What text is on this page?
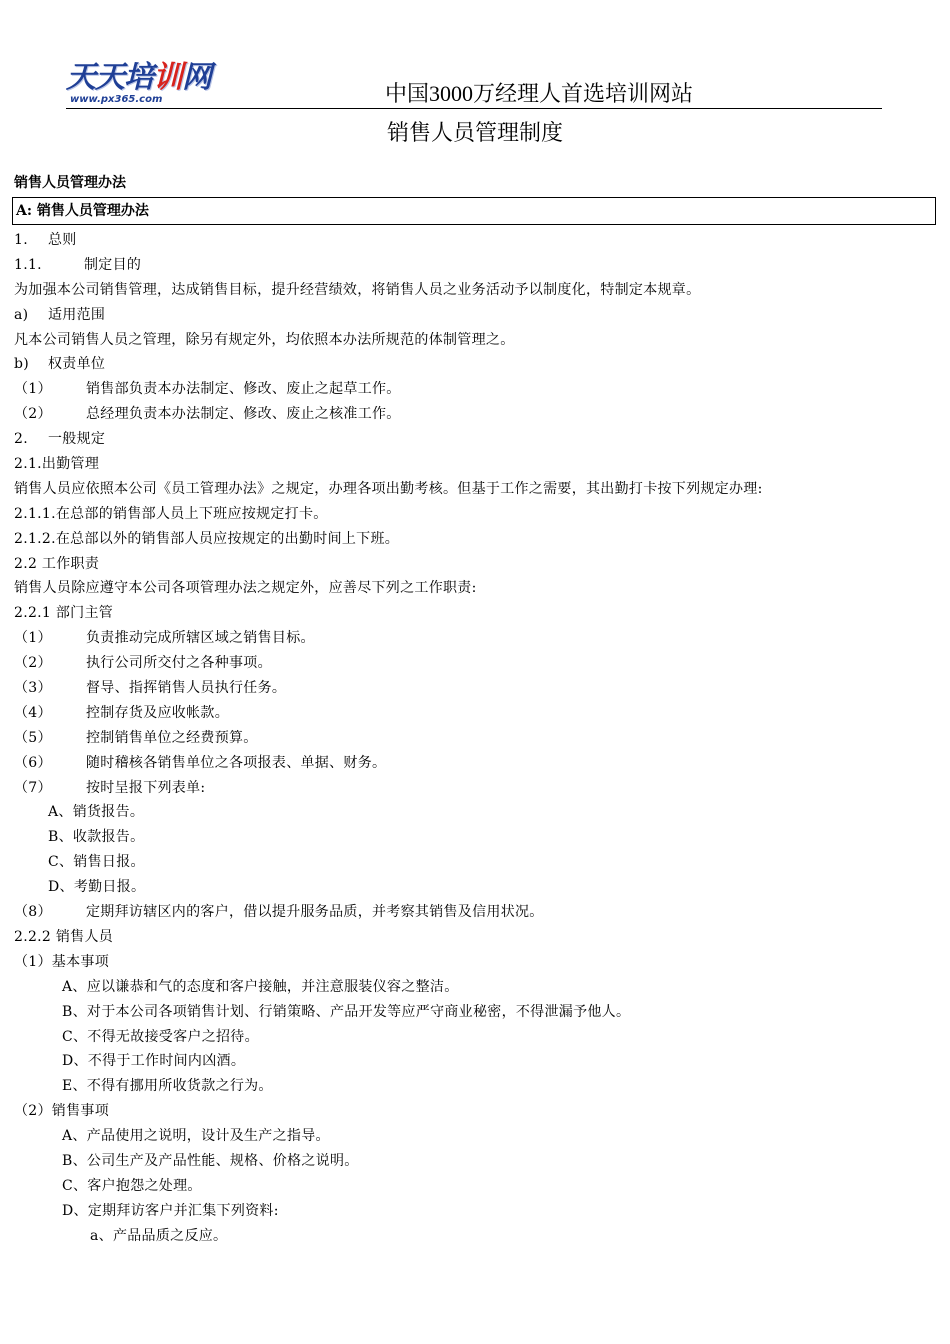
天天培训网
www.px365.com	中国3000万经理人首选培训网站
销售人员管理制度
销售人员管理办法
A: 销售人员管理办法
1. 总则
1.1.	制定目的
为加强本公司销售管理，达成销售目标，提升经营绩效，将销售人员之业务活动予以制度化，特制定本规章。
a) 适用范围
凡本公司销售人员之管理，除另有规定外，均依照本办法所规范的体制管理之。
b) 权责单位
（1） 销售部负责本办法制定、修改、废止之起草工作。
（2） 总经理负责本办法制定、修改、废止之核准工作。
2. 一般规定
2.1.出勤管理
销售人员应依照本公司《员工管理办法》之规定，办理各项出勤考核。但基于工作之需要，其出勤打卡按下列规定办理:
2.1.1.在总部的销售部人员上下班应按规定打卡。
2.1.2.在总部以外的销售部人员应按规定的出勤时间上下班。
2.2 工作职责
销售人员除应遵守本公司各项管理办法之规定外，应善尽下列之工作职责:
2.2.1 部门主管
（1） 负责推动完成所辖区域之销售目标。
（2） 执行公司所交付之各种事项。
（3） 督导、指挥销售人员执行任务。
（4） 控制存货及应收帐款。
（5） 控制销售单位之经费预算。
（6） 随时稽核各销售单位之各项报表、单据、财务。
（7） 按时呈报下列表单:
A、销货报告。
B、收款报告。
C、销售日报。
D、考勤日报。
（8） 定期拜访辖区内的客户，借以提升服务品质，并考察其销售及信用状况。
2.2.2 销售人员
（1）基本事项
A、应以谦恭和气的态度和客户接触，并注意服装仪容之整洁。
B、对于本公司各项销售计划、行销策略、产品开发等应严守商业秘密，不得泄漏予他人。
C、不得无故接受客户之招待。
D、不得于工作时间内凶酒。
E、不得有挪用所收货款之行为。
（2）销售事项
A、产品使用之说明，设计及生产之指导。
B、公司生产及产品性能、规格、价格之说明。
C、客户抱怨之处理。
D、定期拜访客户并汇集下列资料:
a、产品品质之反应。
